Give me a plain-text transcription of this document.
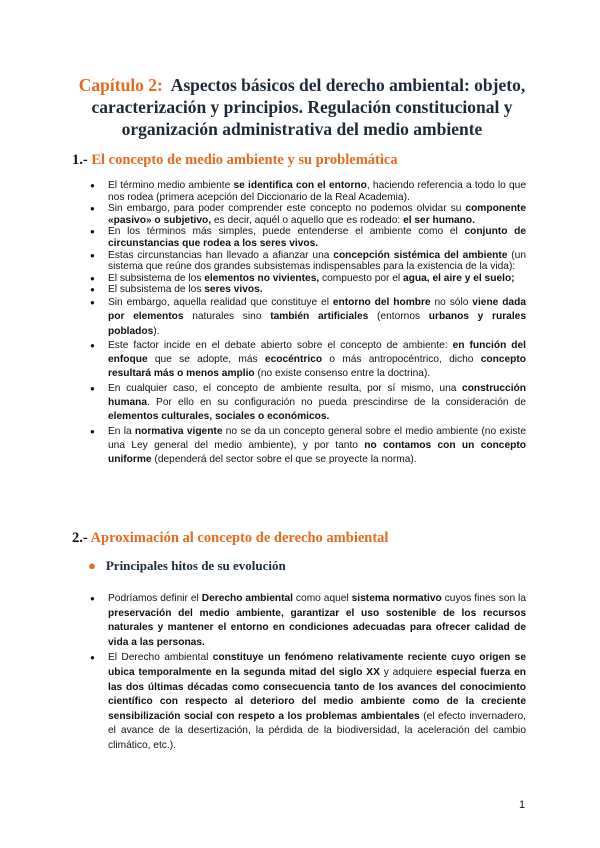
Capítulo 2: Aspectos básicos del derecho ambiental: objeto, caracterización y principios. Regulación constitucional y organización administrativa del medio ambiente
1.- El concepto de medio ambiente y su problemática
● El término medio ambiente se identifica con el entorno, haciendo referencia a todo lo que nos rodea (primera acepción del Diccionario de la Real Academia).
● Sin embargo, para poder comprender este concepto no podemos olvidar su componente «pasivo» o subjetivo, es decir, aquél o aquello que es rodeado: el ser humano.
● En los términos más simples, puede entenderse el ambiente como el conjunto de circunstancias que rodea a los seres vivos.
● Estas circunstancias han llevado a afianzar una concepción sistémica del ambiente (un sistema que reúne dos grandes subsistemas indispensables para la existencia de la vida):
● El subsistema de los elementos no vivientes, compuesto por el agua, el aire y el suelo;
● El subsistema de los seres vivos.
● Sin embargo, aquella realidad que constituye el entorno del hombre no sólo viene dada por elementos naturales sino también artificiales (entornos urbanos y rurales poblados).
● Este factor incide en el debate abierto sobre el concepto de ambiente: en función del enfoque que se adopte, más ecocéntrico o más antropocéntrico, dicho concepto resultará más o menos amplio (no existe consenso entre la doctrina).
● En cualquier caso, el concepto de ambiente resulta, por sí mismo, una construcción humana. Por ello en su configuración no pueda prescindirse de la consideración de elementos culturales, sociales o económicos.
● En la normativa vigente no se da un concepto general sobre el medio ambiente (no existe una Ley general del medio ambiente), y por tanto no contamos con un concepto uniforme (dependerá del sector sobre el que se proyecte la norma).
2.- Aproximación al concepto de derecho ambiental
● Principales hitos de su evolución
● Podríamos definir el Derecho ambiental como aquel sistema normativo cuyos fines son la preservación del medio ambiente, garantizar el uso sostenible de los recursos naturales y mantener el entorno en condiciones adecuadas para ofrecer calidad de vida a las personas.
● El Derecho ambiental constituye un fenómeno relativamente reciente cuyo origen se ubica temporalmente en la segunda mitad del siglo XX y adquiere especial fuerza en las dos últimas décadas como consecuencia tanto de los avances del conocimiento científico con respecto al deterioro del medio ambiente como de la creciente sensibilización social con respeto a los problemas ambientales (el efecto invernadero, el avance de la desertización, la pérdida de la biodiversidad, la aceleración del cambio climático, etc.).
1
